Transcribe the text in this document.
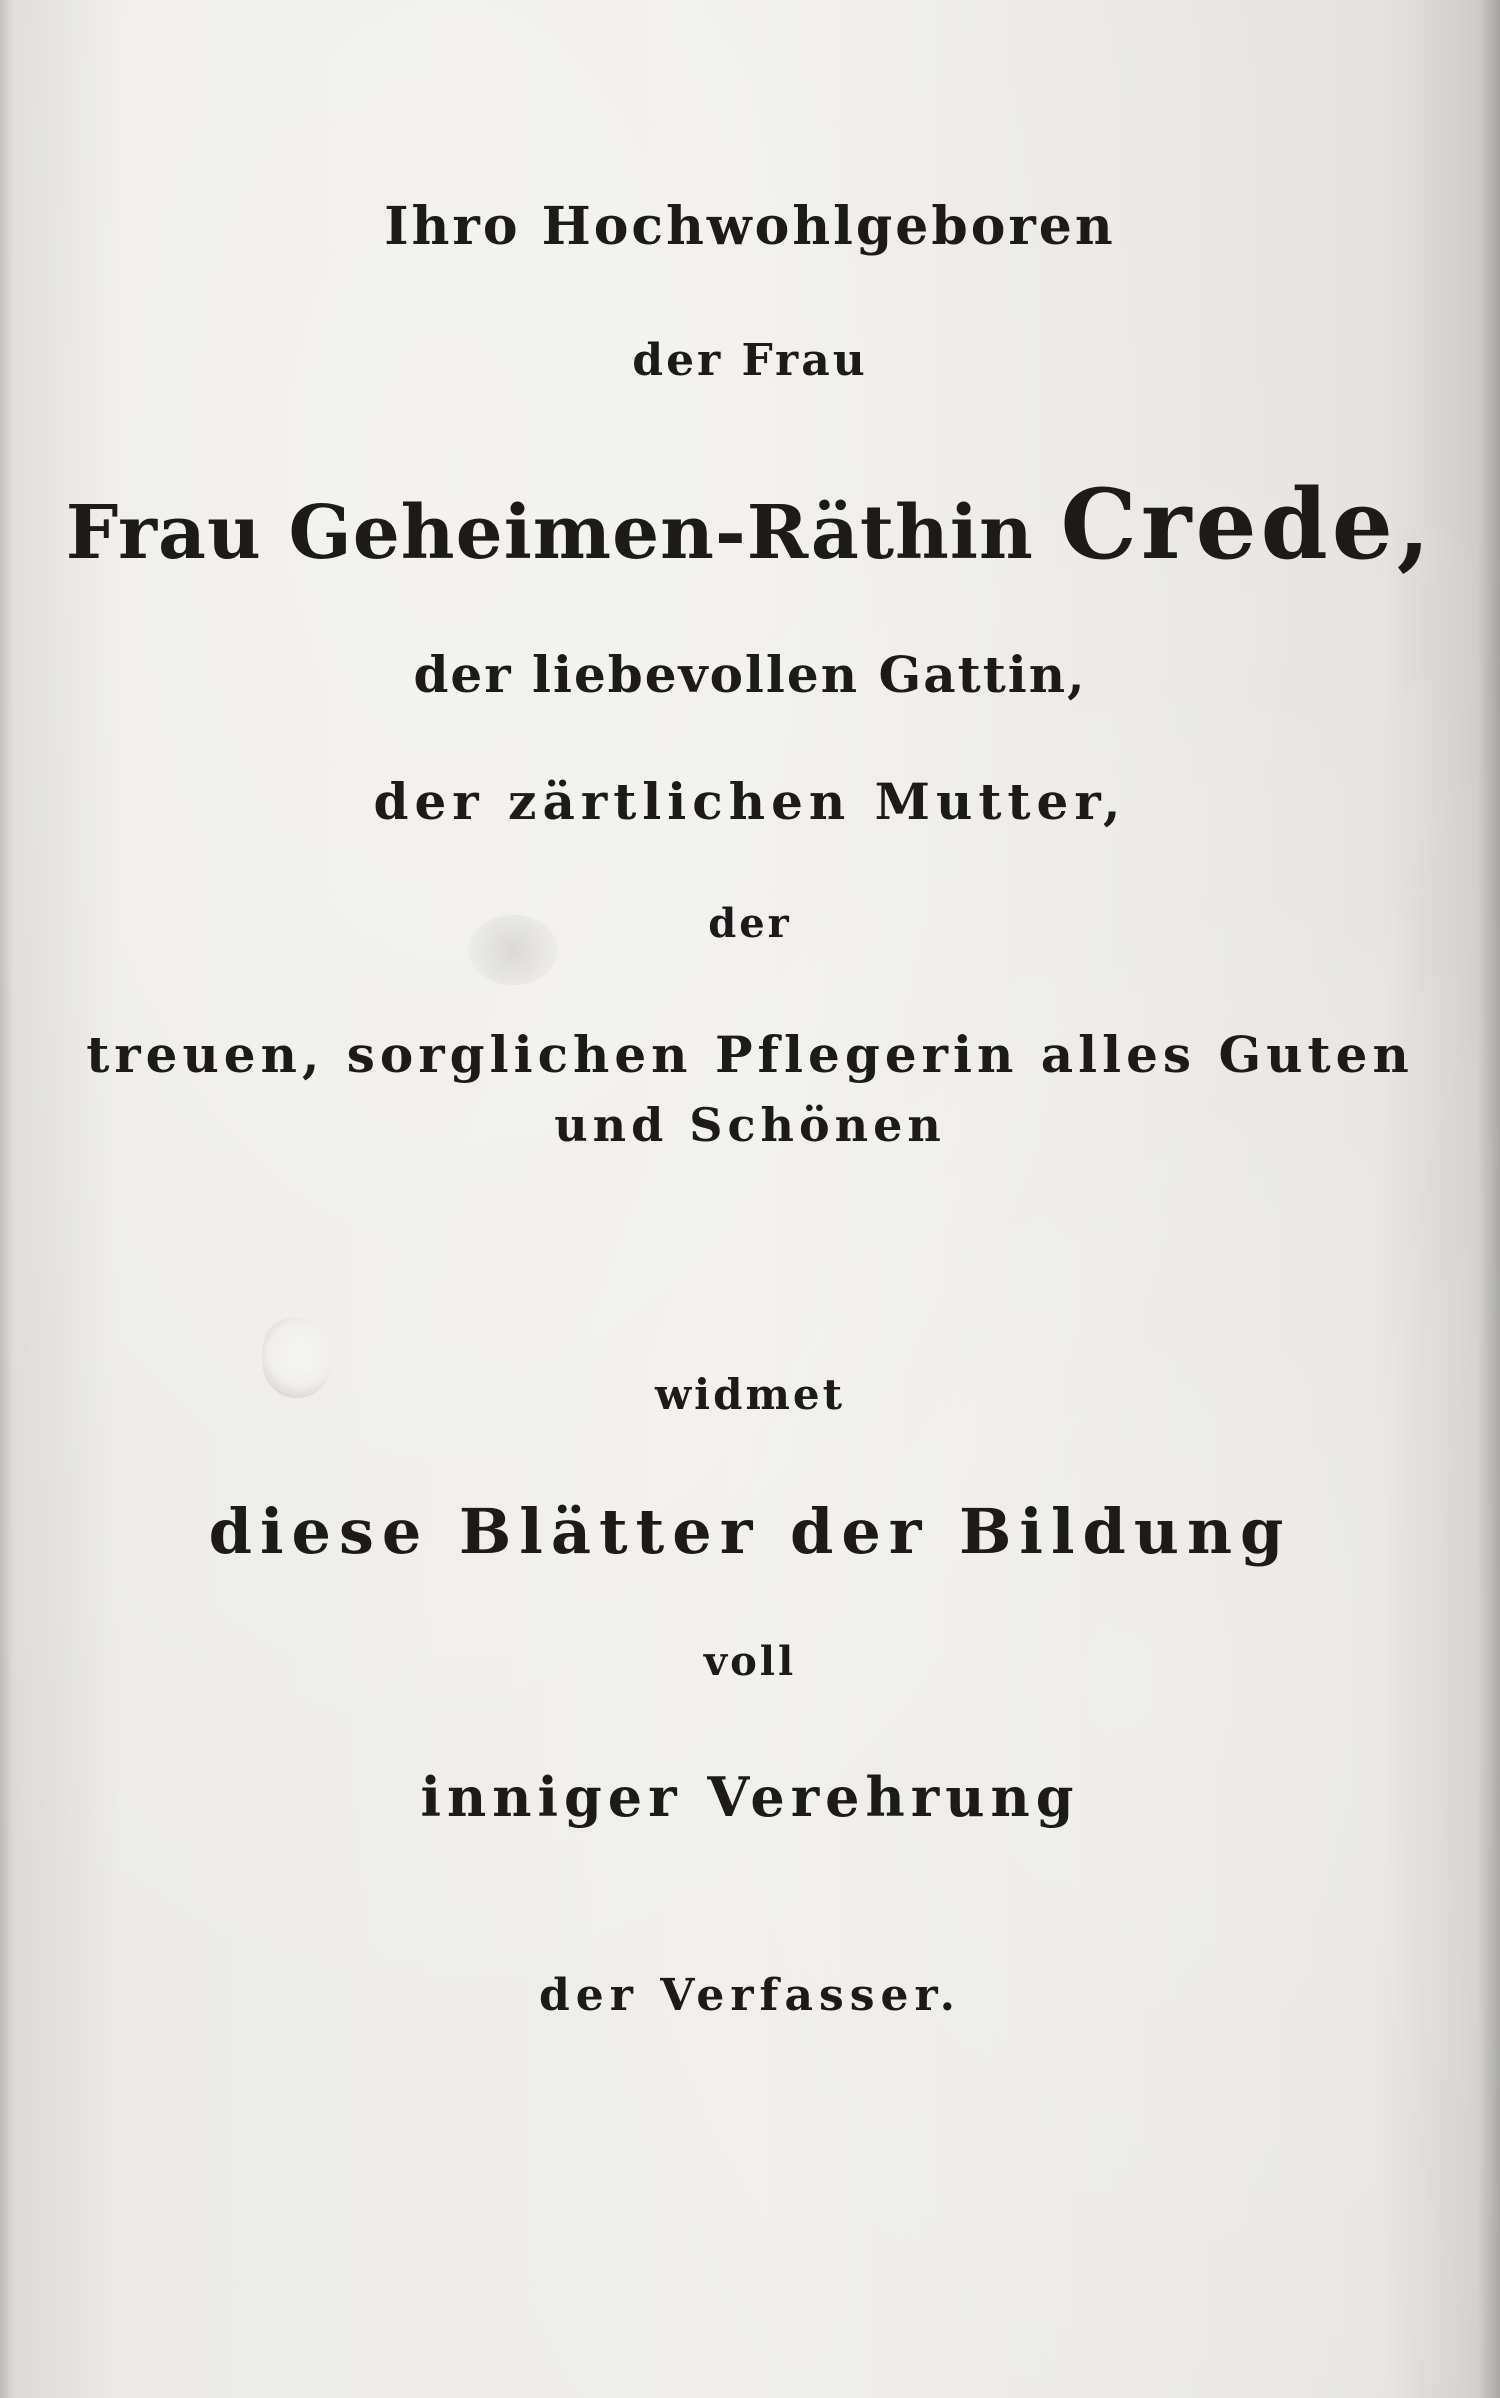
Ihro Hochwohlgeboren
der Frau
Frau Geheimen-Räthin Crede,
der liebevollen Gattin,
der zärtlichen Mutter,
der
treuen, sorglichen Pflegerin alles Guten
und Schönen
widmet
diese Blätter der Bildung
voll
inniger Verehrung
der Verfasser.
